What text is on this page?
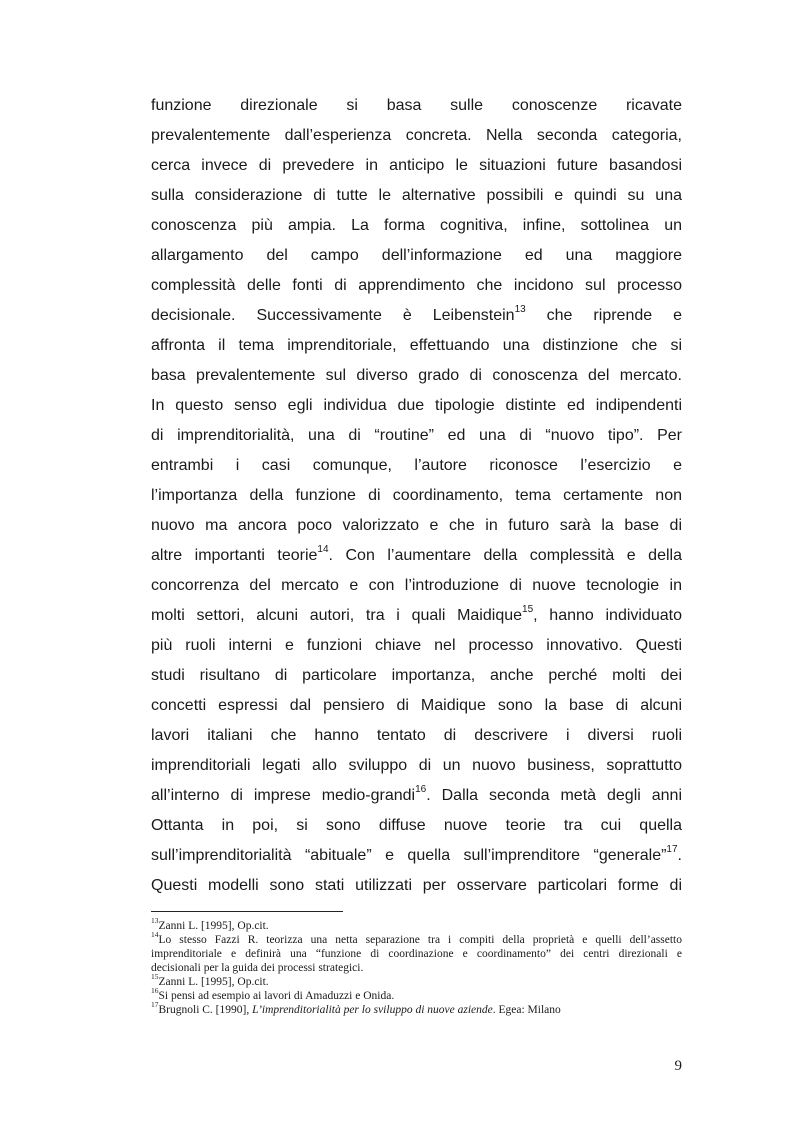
funzione direzionale si basa sulle conoscenze ricavate
prevalentemente dall’esperienza concreta. Nella seconda categoria,
cerca invece di prevedere in anticipo le situazioni future basandosi
sulla considerazione di tutte le alternative possibili e quindi su una
conoscenza più ampia. La forma cognitiva, infine, sottolinea un
allargamento del campo dell’informazione ed una maggiore
complessità delle fonti di apprendimento che incidono sul processo
decisionale. Successivamente è Leibenstein$^{13}$ che riprende e
affronta il tema imprenditoriale, effettuando una distinzione che si
basa prevalentemente sul diverso grado di conoscenza del mercato.
In questo senso egli individua due tipologie distinte ed indipendenti
di imprenditorialità, una di “routine” ed una di “nuovo tipo”. Per
entrambi i casi comunque, l’autore riconosce l’esercizio e
l’importanza della funzione di coordinamento, tema certamente non
nuovo ma ancora poco valorizzato e che in futuro sarà la base di
altre importanti teorie$^{14}$. Con l’aumentare della complessità e della
concorrenza del mercato e con l’introduzione di nuove tecnologie in
molti settori, alcuni autori, tra i quali Maidique$^{15}$, hanno individuato
più ruoli interni e funzioni chiave nel processo innovativo. Questi
studi risultano di particolare importanza, anche perché molti dei
concetti espressi dal pensiero di Maidique sono la base di alcuni
lavori italiani che hanno tentato di descrivere i diversi ruoli
imprenditoriali legati allo sviluppo di un nuovo business, soprattutto
all’interno di imprese medio-grandi$^{16}$. Dalla seconda metà degli anni
Ottanta in poi, si sono diffuse nuove teorie tra cui quella
sull’imprenditorialità “abituale” e quella sull’imprenditore “generale”$^{17}$.
Questi modelli sono stati utilizzati per osservare particolari forme di
$^{13}$Zanni L. [1995], Op.cit.
$^{14}$Lo stesso Fazzi R. teorizza una netta separazione tra i compiti della proprietà e quelli dell’assetto
imprenditoriale e definirà una “funzione di coordinazione e coordinamento” dei centri direzionali e
decisionali per la guida dei processi strategici.
$^{15}$Zanni L. [1995], Op.cit.
$^{16}$Si pensi ad esempio ai lavori di Amaduzzi e Onida.
$^{17}$Brugnoli C. [1990], L’imprenditorialità per lo sviluppo di nuove aziende. Egea: Milano
9
